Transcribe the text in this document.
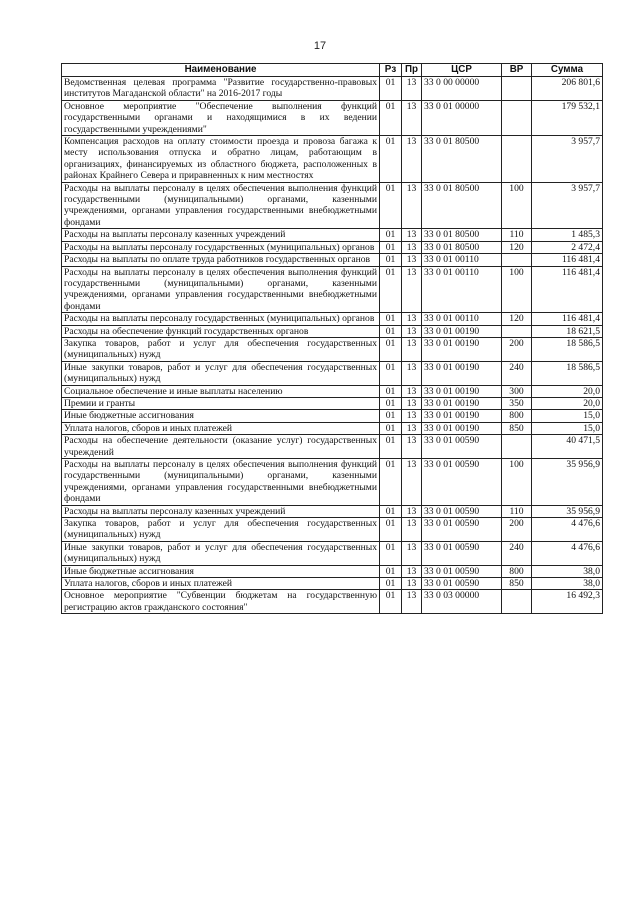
17
Наименование	Рз	Пр	ЦСР	ВР	Сумма
Ведомственная целевая программа "Развитие государственно-правовых институтов Магаданской области" на 2016-2017 годы	01	13	33 0 00 00000		206 801,6
Основное мероприятие "Обеспечение выполнения функций государственными органами и находящимися в их ведении государственными учреждениями"	01	13	33 0 01 00000		179 532,1
Компенсация расходов на оплату стоимости проезда и провоза багажа к месту использования отпуска и обратно лицам, работающим в организациях, финансируемых из областного бюджета, расположенных в районах Крайнего Севера и приравненных к ним местностях	01	13	33 0 01 80500		3 957,7
Расходы на выплаты персоналу в целях обеспечения выполнения функций государственными (муниципальными) органами, казенными учреждениями, органами управления государственными внебюджетными фондами	01	13	33 0 01 80500	100	3 957,7
Расходы на выплаты персоналу казенных учреждений	01	13	33 0 01 80500	110	1 485,3
Расходы на выплаты персоналу государственных (муниципальных) органов	01	13	33 0 01 80500	120	2 472,4
Расходы на выплаты по оплате труда работников государственных органов	01	13	33 0 01 00110		116 481,4
Расходы на выплаты персоналу в целях обеспечения выполнения функций государственными (муниципальными) органами, казенными учреждениями, органами управления государственными внебюджетными фондами	01	13	33 0 01 00110	100	116 481,4
Расходы на выплаты персоналу государственных (муниципальных) органов	01	13	33 0 01 00110	120	116 481,4
Расходы на обеспечение функций государственных органов	01	13	33 0 01 00190		18 621,5
Закупка товаров, работ и услуг для обеспечения государственных (муниципальных) нужд	01	13	33 0 01 00190	200	18 586,5
Иные закупки товаров, работ и услуг для обеспечения государственных (муниципальных) нужд	01	13	33 0 01 00190	240	18 586,5
Социальное обеспечение и иные выплаты населению	01	13	33 0 01 00190	300	20,0
Премии и гранты	01	13	33 0 01 00190	350	20,0
Иные бюджетные ассигнования	01	13	33 0 01 00190	800	15,0
Уплата налогов, сборов и иных платежей	01	13	33 0 01 00190	850	15,0
Расходы на обеспечение деятельности (оказание услуг) государственных учреждений	01	13	33 0 01 00590		40 471,5
Расходы на выплаты персоналу в целях обеспечения выполнения функций государственными (муниципальными) органами, казенными учреждениями, органами управления государственными внебюджетными фондами	01	13	33 0 01 00590	100	35 956,9
Расходы на выплаты персоналу казенных учреждений	01	13	33 0 01 00590	110	35 956,9
Закупка товаров, работ и услуг для обеспечения государственных (муниципальных) нужд	01	13	33 0 01 00590	200	4 476,6
Иные закупки товаров, работ и услуг для обеспечения государственных (муниципальных) нужд	01	13	33 0 01 00590	240	4 476,6
Иные бюджетные ассигнования	01	13	33 0 01 00590	800	38,0
Уплата налогов, сборов и иных платежей	01	13	33 0 01 00590	850	38,0
Основное мероприятие "Субвенции бюджетам на государственную регистрацию актов гражданского состояния"	01	13	33 0 03 00000		16 492,3
